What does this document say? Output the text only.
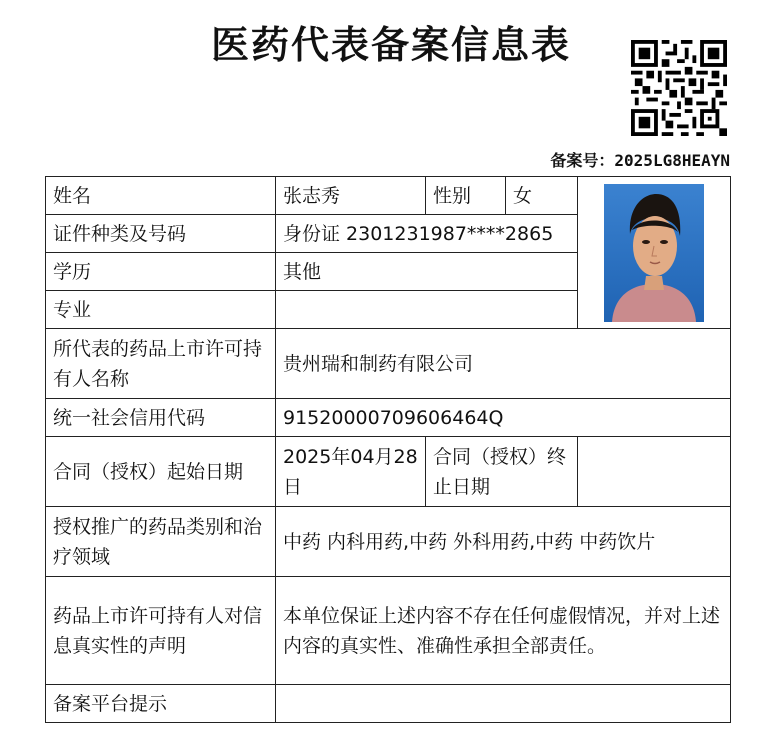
医药代表备案信息表
备案号：2025LG8HEAYN
姓名	张志秀	性别	女	

证件种类及号码	身份证 2301231987****2865			
学历	其他			
专业				
所代表的药品上市许可持有人名称	贵州瑞和制药有限公司			
统一社会信用代码	91520000709606464Q			
合同（授权）起始日期	2025年04月28日	合同（授权）终止日期		
授权推广的药品类别和治疗领域	中药 内科用药,中药 外科用药,中药 中药饮片			
药品上市许可持有人对信息真实性的声明	本单位保证上述内容不存在任何虚假情况，并对上述内容的真实性、准确性承担全部责任。			
备案平台提示				
